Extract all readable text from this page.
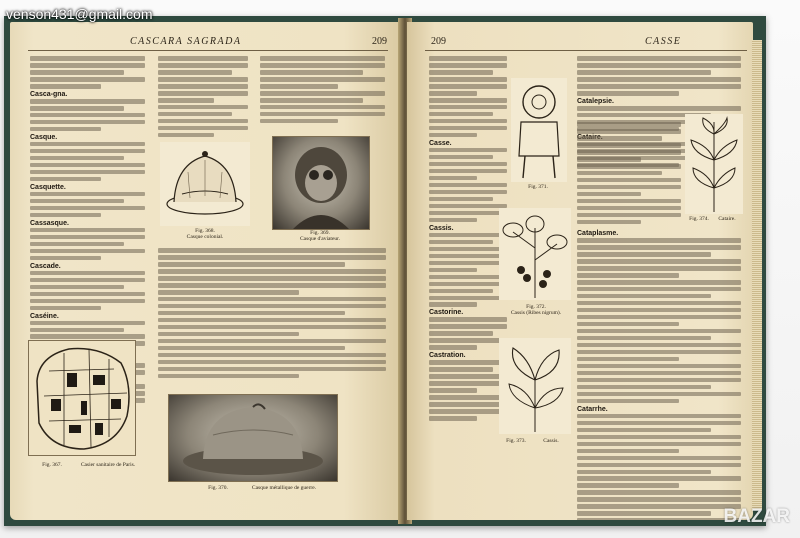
CASCARA SAGRADA	209
Casca-gna.
Casque.
Casquette.
Cassasque.
Cascade.
Caséine.
Fig. 367.	Casier sanitaire de Paris.
Fig. 368.
Casque colonial.
Fig. 369.
Casque d'aviateur.
Fig. 370.	Casque métallique de guerre.
209	CASSE
Casse.
Cassis.
Castorine.
Castration.
Fig. 371.
Fig. 372.
Cassis (Ribes nigrum).
Fig. 373.	Cassis.
Catalepsie.
Fig. 374.	Cataire.
Cataplasme.
Catarrhe.
venson431@gmail.com
BAZAR
